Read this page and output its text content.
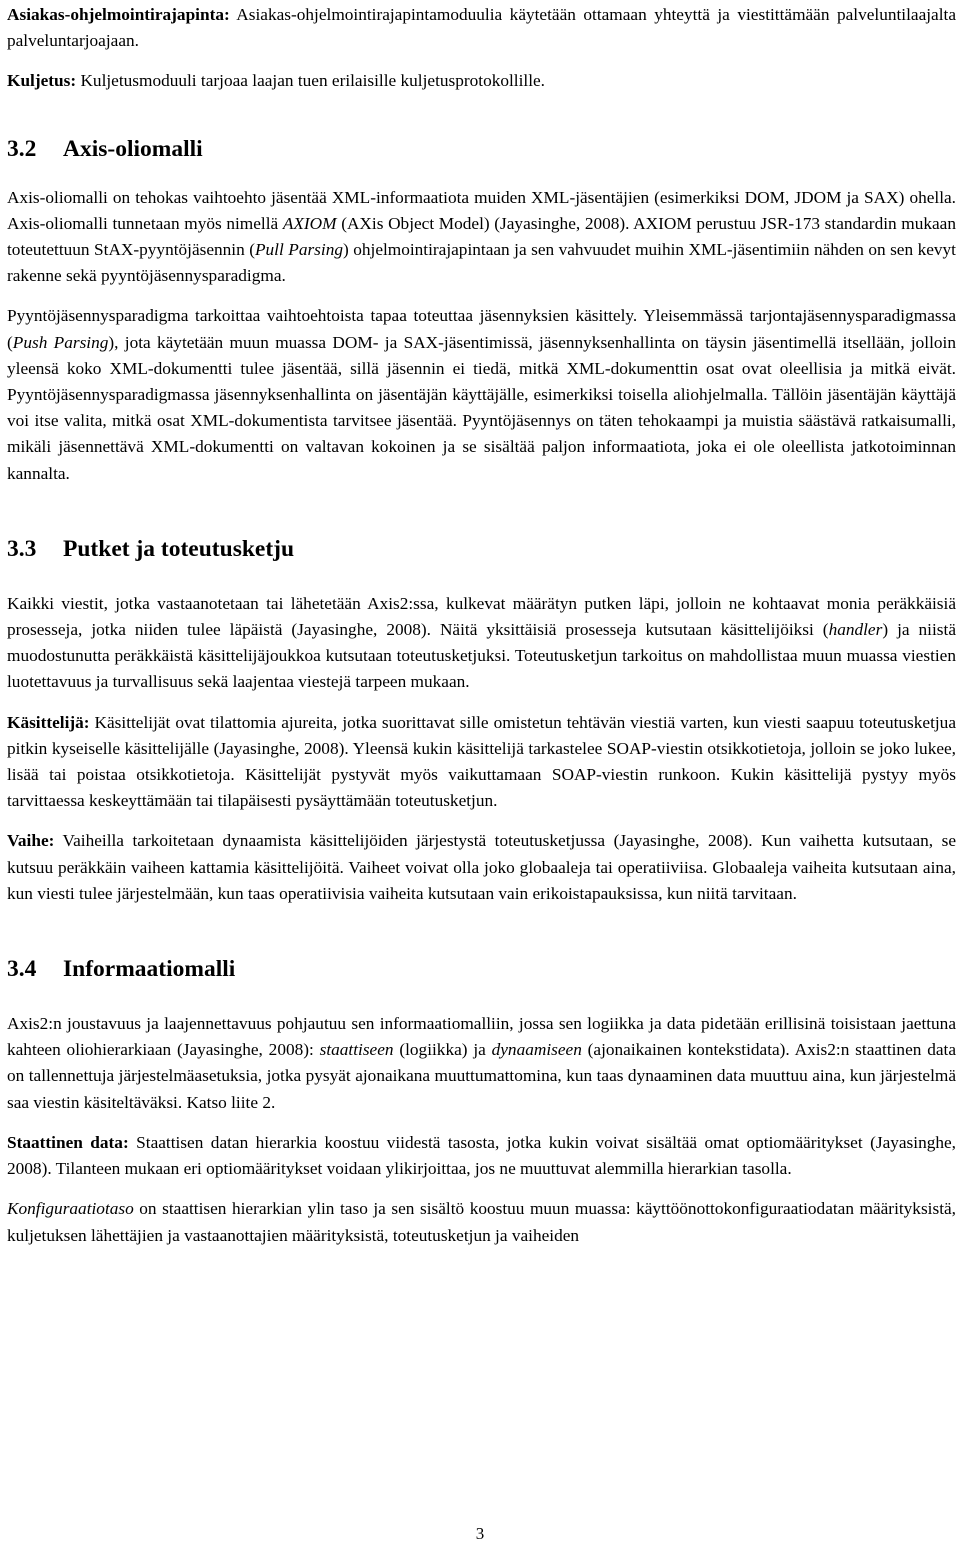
Asiakas-ohjelmointirajapinta: Asiakas-ohjelmointirajapintamoduulia käytetään ottamaan yhteyttä ja viestittämään palveluntilaajalta palveluntarjoajaan.

Kuljetus: Kuljetusmoduuli tarjoaa laajan tuen erilaisille kuljetusprotokollille.

3.2 Axis-oliomalli

Axis-oliomalli on tehokas vaihtoehto jäsentää XML-informaatiota muiden XML-jäsentäjien (esimerkiksi DOM, JDOM ja SAX) ohella. Axis-oliomalli tunnetaan myös nimellä AXIOM (AXis Object Model) (Jayasinghe, 2008). AXIOM perustuu JSR-173 standardin mukaan toteutettuun StAX-pyyntöjäsennin (Pull Parsing) ohjelmointirajapintaan ja sen vahvuudet muihin XML-jäsentimiin nähden on sen kevyt rakenne sekä pyyntöjäsennysparadigma.

Pyyntöjäsennysparadigma tarkoittaa vaihtoehtoista tapaa toteuttaa jäsennyksien käsittely. Yleisemmässä tarjontajäsennysparadigmassa (Push Parsing), jota käytetään muun muassa DOM- ja SAX-jäsentimissä, jäsennyksenhallinta on täysin jäsentimellä itsellään, jolloin yleensä koko XML-dokumentti tulee jäsentää, sillä jäsennin ei tiedä, mitkä XML-dokumenttin osat ovat oleellisia ja mitkä eivät. Pyyntöjäsennysparadigmassa jäsennyksenhallinta on jäsentäjän käyttäjälle, esimerkiksi toisella aliohjelmalla. Tällöin jäsentäjän käyttäjä voi itse valita, mitkä osat XML-dokumentista tarvitsee jäsentää. Pyyntöjäsennys on täten tehokaampi ja muistia säästävä ratkaisumalli, mikäli jäsennettävä XML-dokumentti on valtavan kokoinen ja se sisältää paljon informaatiota, joka ei ole oleellista jatkotoiminnan kannalta.

3.3 Putket ja toteutusketju

Kaikki viestit, jotka vastaanotetaan tai lähetetään Axis2:ssa, kulkevat määrätyn putken läpi, jolloin ne kohtaavat monia peräkkäisiä prosesseja, jotka niiden tulee läpäistä (Jayasinghe, 2008). Näitä yksittäisiä prosesseja kutsutaan käsittelijöiksi (handler) ja niistä muodostunutta peräkkäistä käsittelijäjoukkoa kutsutaan toteutusketjuksi. Toteutusketjun tarkoitus on mahdollistaa muun muassa viestien luotettavuus ja turvallisuus sekä laajentaa viestejä tarpeen mukaan.

Käsittelijä: Käsittelijät ovat tilattomia ajureita, jotka suorittavat sille omistetun tehtävän viestiä varten, kun viesti saapuu toteutusketjua pitkin kyseiselle käsittelijälle (Jayasinghe, 2008). Yleensä kukin käsittelijä tarkastelee SOAP-viestin otsikkotietoja, jolloin se joko lukee, lisää tai poistaa otsikkotietoja. Käsittelijät pystyvät myös vaikuttamaan SOAP-viestin runkoon. Kukin käsittelijä pystyy myös tarvittaessa keskeyttämään tai tilapäisesti pysäyttämään toteutusketjun.

Vaihe: Vaiheilla tarkoitetaan dynaamista käsittelijöiden järjestystä toteutusketjussa (Jayasinghe, 2008). Kun vaihetta kutsutaan, se kutsuu peräkkäin vaiheen kattamia käsittelijöitä. Vaiheet voivat olla joko globaaleja tai operatiiviisa. Globaaleja vaiheita kutsutaan aina, kun viesti tulee järjestelmään, kun taas operatiivisia vaiheita kutsutaan vain erikoistapauksissa, kun niitä tarvitaan.

3.4 Informaatiomalli

Axis2:n joustavuus ja laajennettavuus pohjautuu sen informaatiomalliin, jossa sen logiikka ja data pidetään erillisinä toisistaan jaettuna kahteen oliohierarkiaan (Jayasinghe, 2008): staattiseen (logiikka) ja dynaamiseen (ajonaikainen kontekstidata). Axis2:n staattinen data on tallennettuja järjestelmäasetuksia, jotka pysyät ajonaikana muuttumattomina, kun taas dynaaminen data muuttuu aina, kun järjestelmä saa viestin käsiteltäväksi. Katso liite 2.

Staattinen data: Staattisen datan hierarkia koostuu viidestä tasosta, jotka kukin voivat sisältää omat optiomääritykset (Jayasinghe, 2008). Tilanteen mukaan eri optiomääritykset voidaan ylikirjoittaa, jos ne muuttuvat alemmilla hierarkian tasolla.

Konfiguraatiotaso on staattisen hierarkian ylin taso ja sen sisältö koostuu muun muassa: käyttöönottokonfiguraatiodatan määrityksistä, kuljetuksen lähettäjien ja vastaanottajien määrityksistä, toteutusketjun ja vaiheiden

3
